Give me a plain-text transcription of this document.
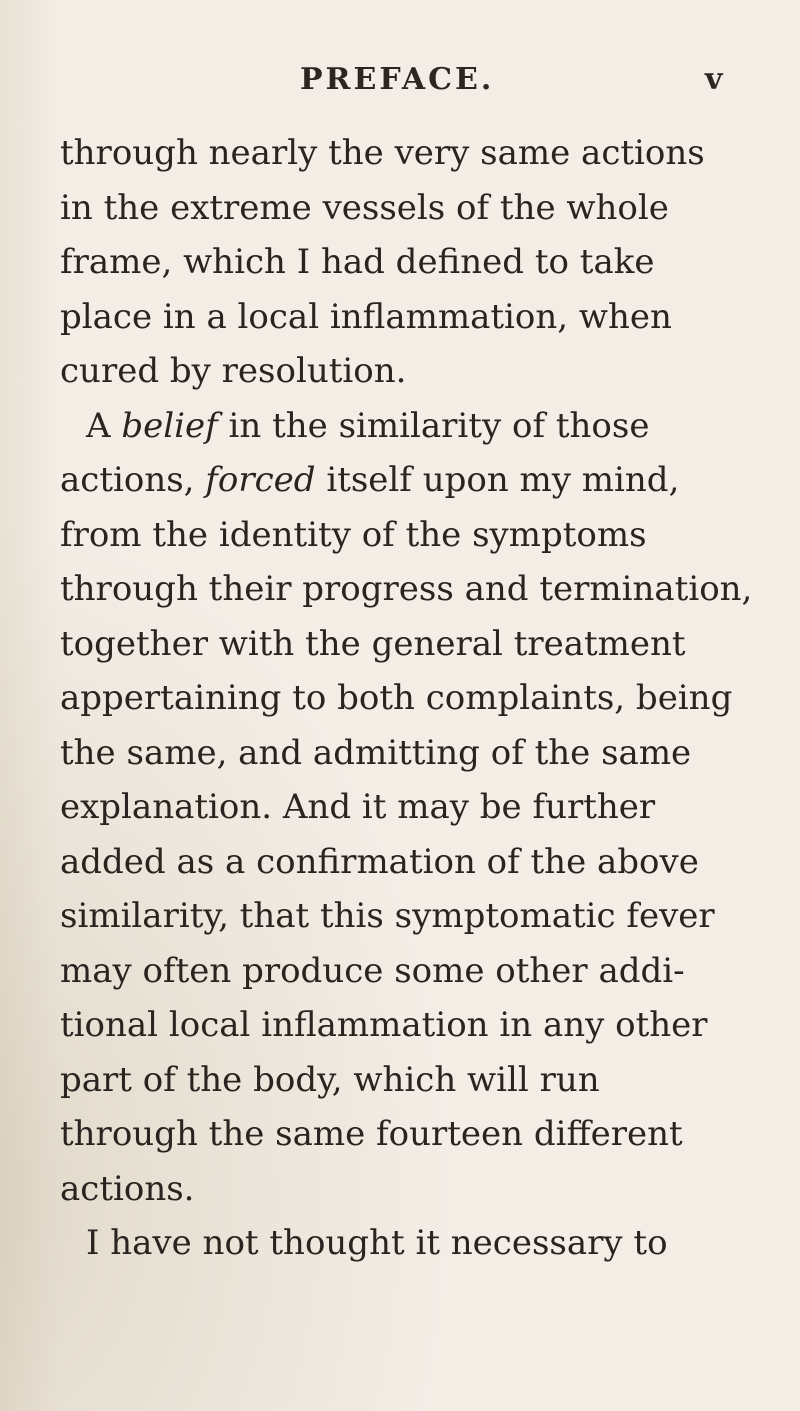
PREFACE.	v
through nearly the very same actions
in the extreme vessels of the whole
frame, which I had defined to take
place in a local inflammation, when
cured by resolution.
A belief in the similarity of those
actions, forced itself upon my mind,
from the identity of the symptoms
through their progress and termination,
together with the general treatment
appertaining to both complaints, being
the same, and admitting of the same
explanation. And it may be further
added as a confirmation of the above
similarity, that this symptomatic fever
may often produce some other addi-
tional local inflammation in any other
part of the body, which will run
through the same fourteen different
actions.
I have not thought it necessary to
